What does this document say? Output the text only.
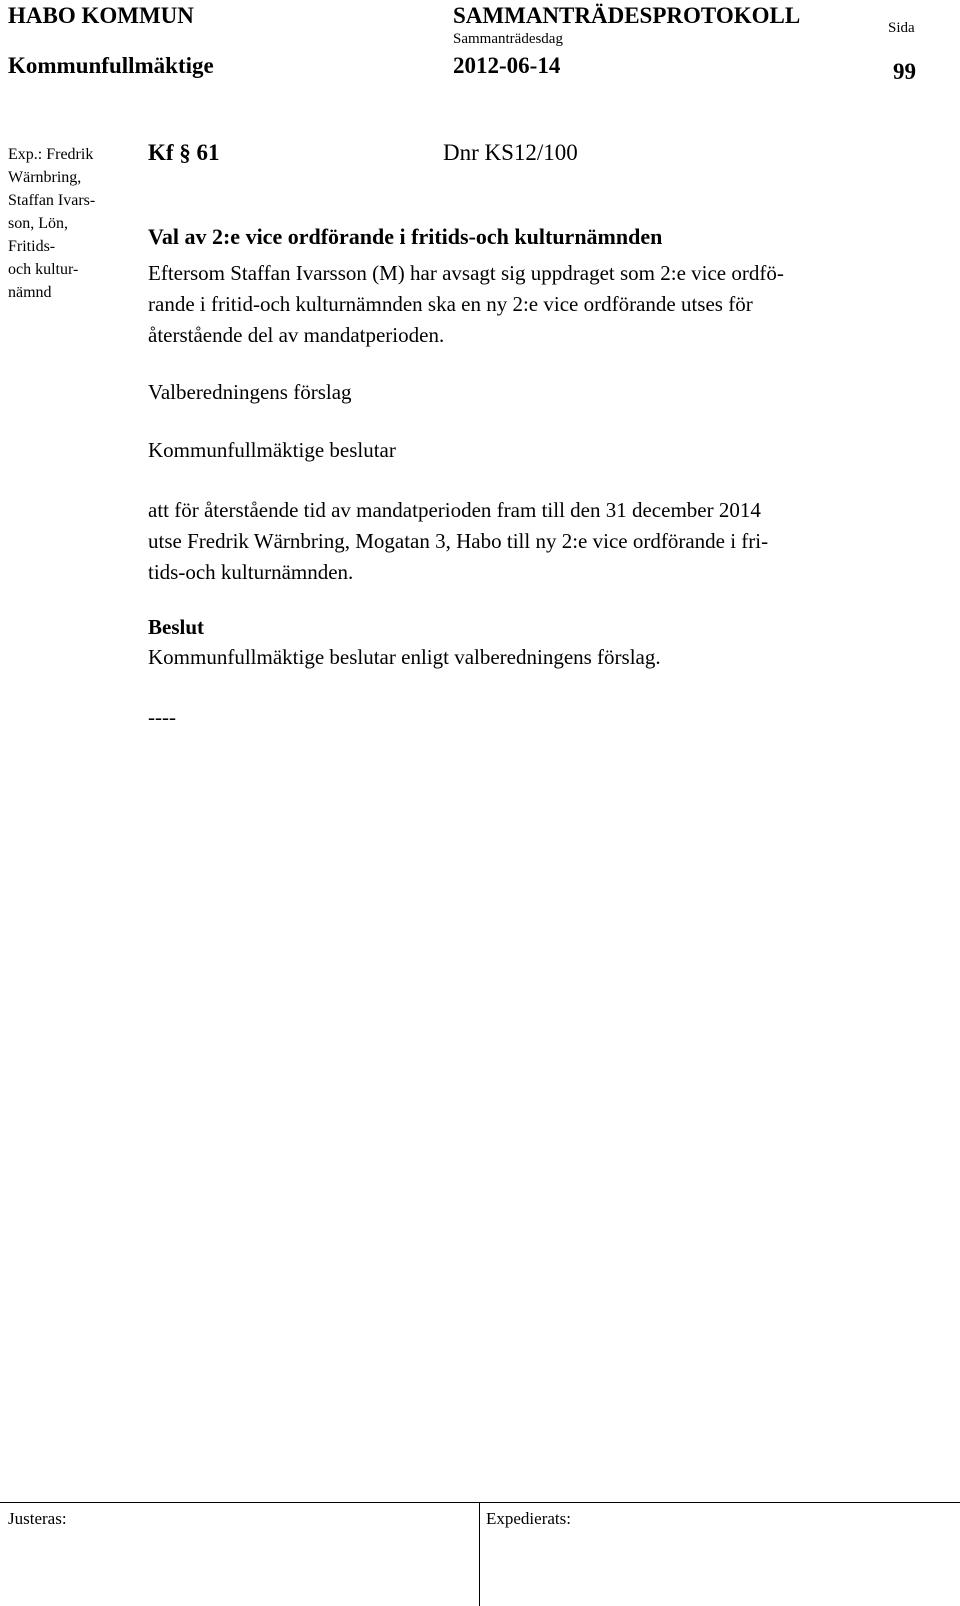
HABO KOMMUN
Kommunfullmäktige
SAMMANTRÄDESPROTOKOLL
Sammanträdesdag
2012-06-14
Sida
99
Exp.: Fredrik
Wärnbring,
Staffan Ivars-
son, Lön,
Fritids-
och kultur-
nämnd
Kf § 61	Dnr KS12/100
Val av 2:e vice ordförande i fritids-och kulturnämnden
Eftersom Staffan Ivarsson (M) har avsagt sig uppdraget som 2:e vice ordfö-
rande i fritid-och kulturnämnden ska en ny 2:e vice ordförande utses för
återstående del av mandatperioden.
Valberedningens förslag
Kommunfullmäktige beslutar
att för återstående tid av mandatperioden fram till den 31 december 2014
utse Fredrik Wärnbring, Mogatan 3, Habo till ny 2:e vice ordförande i fri-
tids-och kulturnämnden.
Beslut
Kommunfullmäktige beslutar enligt valberedningens förslag.
----
Justeras:	Expedierats:
